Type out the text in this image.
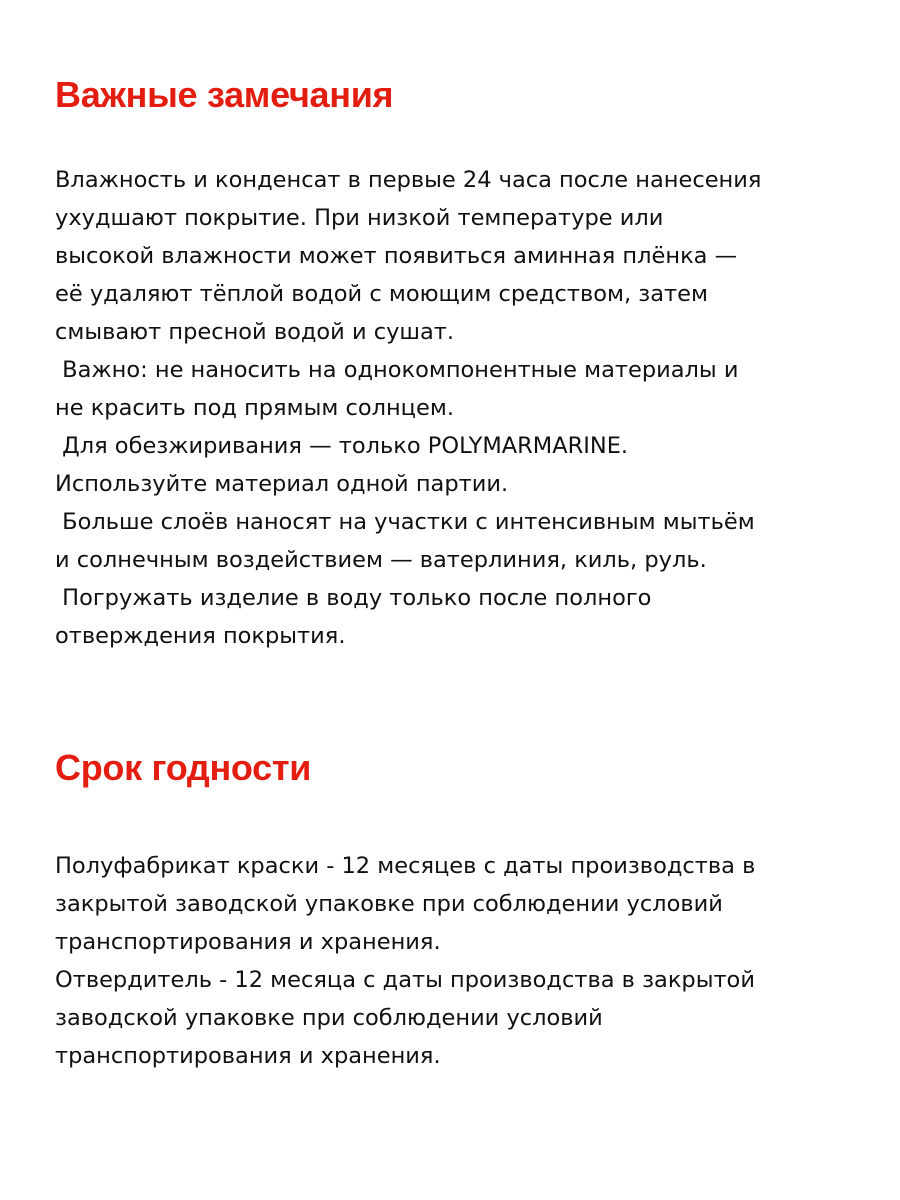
Важные замечания
Влажность и конденсат в первые 24 часа после нанесения
ухудшают покрытие. При низкой температуре или
высокой влажности может появиться аминная плёнка —
её удаляют тёплой водой с моющим средством, затем
смывают пресной водой и сушат.
Важно: не наносить на однокомпонентные материалы и
не красить под прямым солнцем.
Для обезжиривания — только POLYMARMARINE.
Используйте материал одной партии.
Больше слоёв наносят на участки с интенсивным мытьём
и солнечным воздействием — ватерлиния, киль, руль.
Погружать изделие в воду только после полного
отверждения покрытия.
Срок годности
Полуфабрикат краски - 12 месяцев с даты производства в
закрытой заводской упаковке при соблюдении условий
транспортирования и хранения.
Отвердитель - 12 месяца с даты производства в закрытой
заводской упаковке при соблюдении условий
транспортирования и хранения.
